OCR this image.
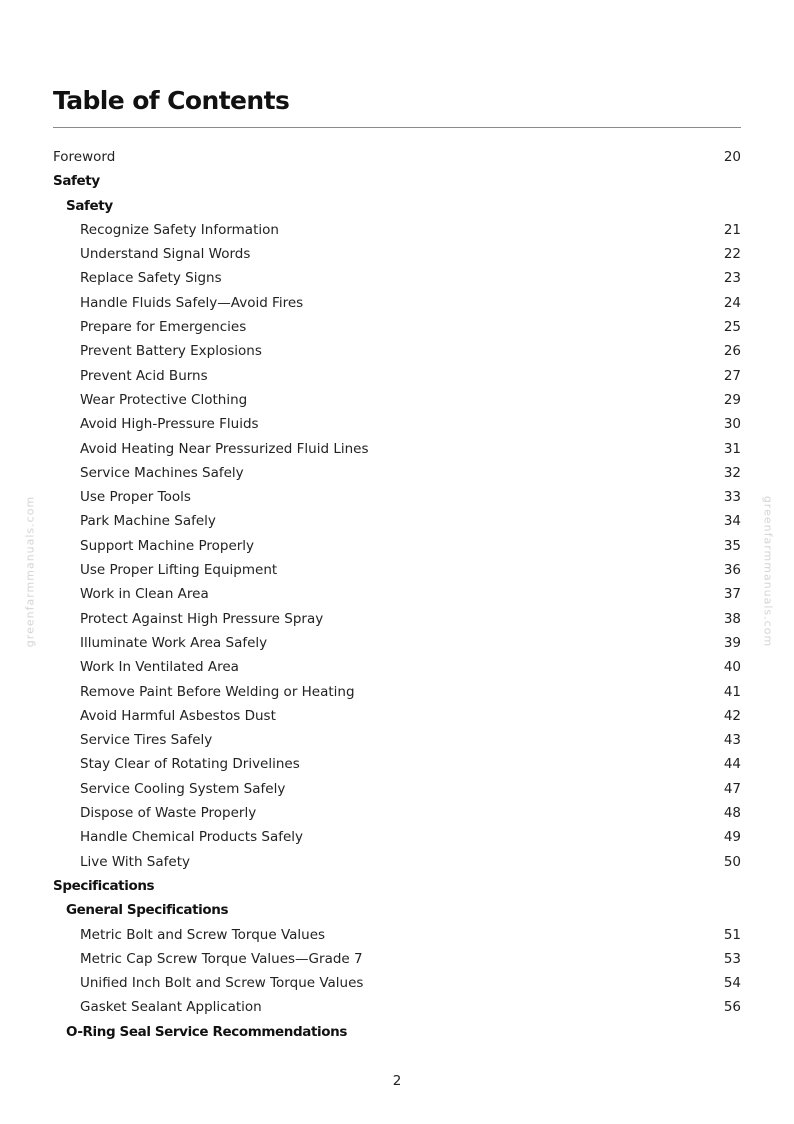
Table of Contents
Foreword	20
Safety
Safety
Recognize Safety Information	21
Understand Signal Words	22
Replace Safety Signs	23
Handle Fluids Safely—Avoid Fires	24
Prepare for Emergencies	25
Prevent Battery Explosions	26
Prevent Acid Burns	27
Wear Protective Clothing	29
Avoid High-Pressure Fluids	30
Avoid Heating Near Pressurized Fluid Lines	31
Service Machines Safely	32
Use Proper Tools	33
Park Machine Safely	34
Support Machine Properly	35
Use Proper Lifting Equipment	36
Work in Clean Area	37
Protect Against High Pressure Spray	38
Illuminate Work Area Safely	39
Work In Ventilated Area	40
Remove Paint Before Welding or Heating	41
Avoid Harmful Asbestos Dust	42
Service Tires Safely	43
Stay Clear of Rotating Drivelines	44
Service Cooling System Safely	47
Dispose of Waste Properly	48
Handle Chemical Products Safely	49
Live With Safety	50
Specifications
General Specifications
Metric Bolt and Screw Torque Values	51
Metric Cap Screw Torque Values—Grade 7	53
Unified Inch Bolt and Screw Torque Values	54
Gasket Sealant Application	56
O-Ring Seal Service Recommendations
greenfarmmanuals.com	greenfarmmanuals.com
2
